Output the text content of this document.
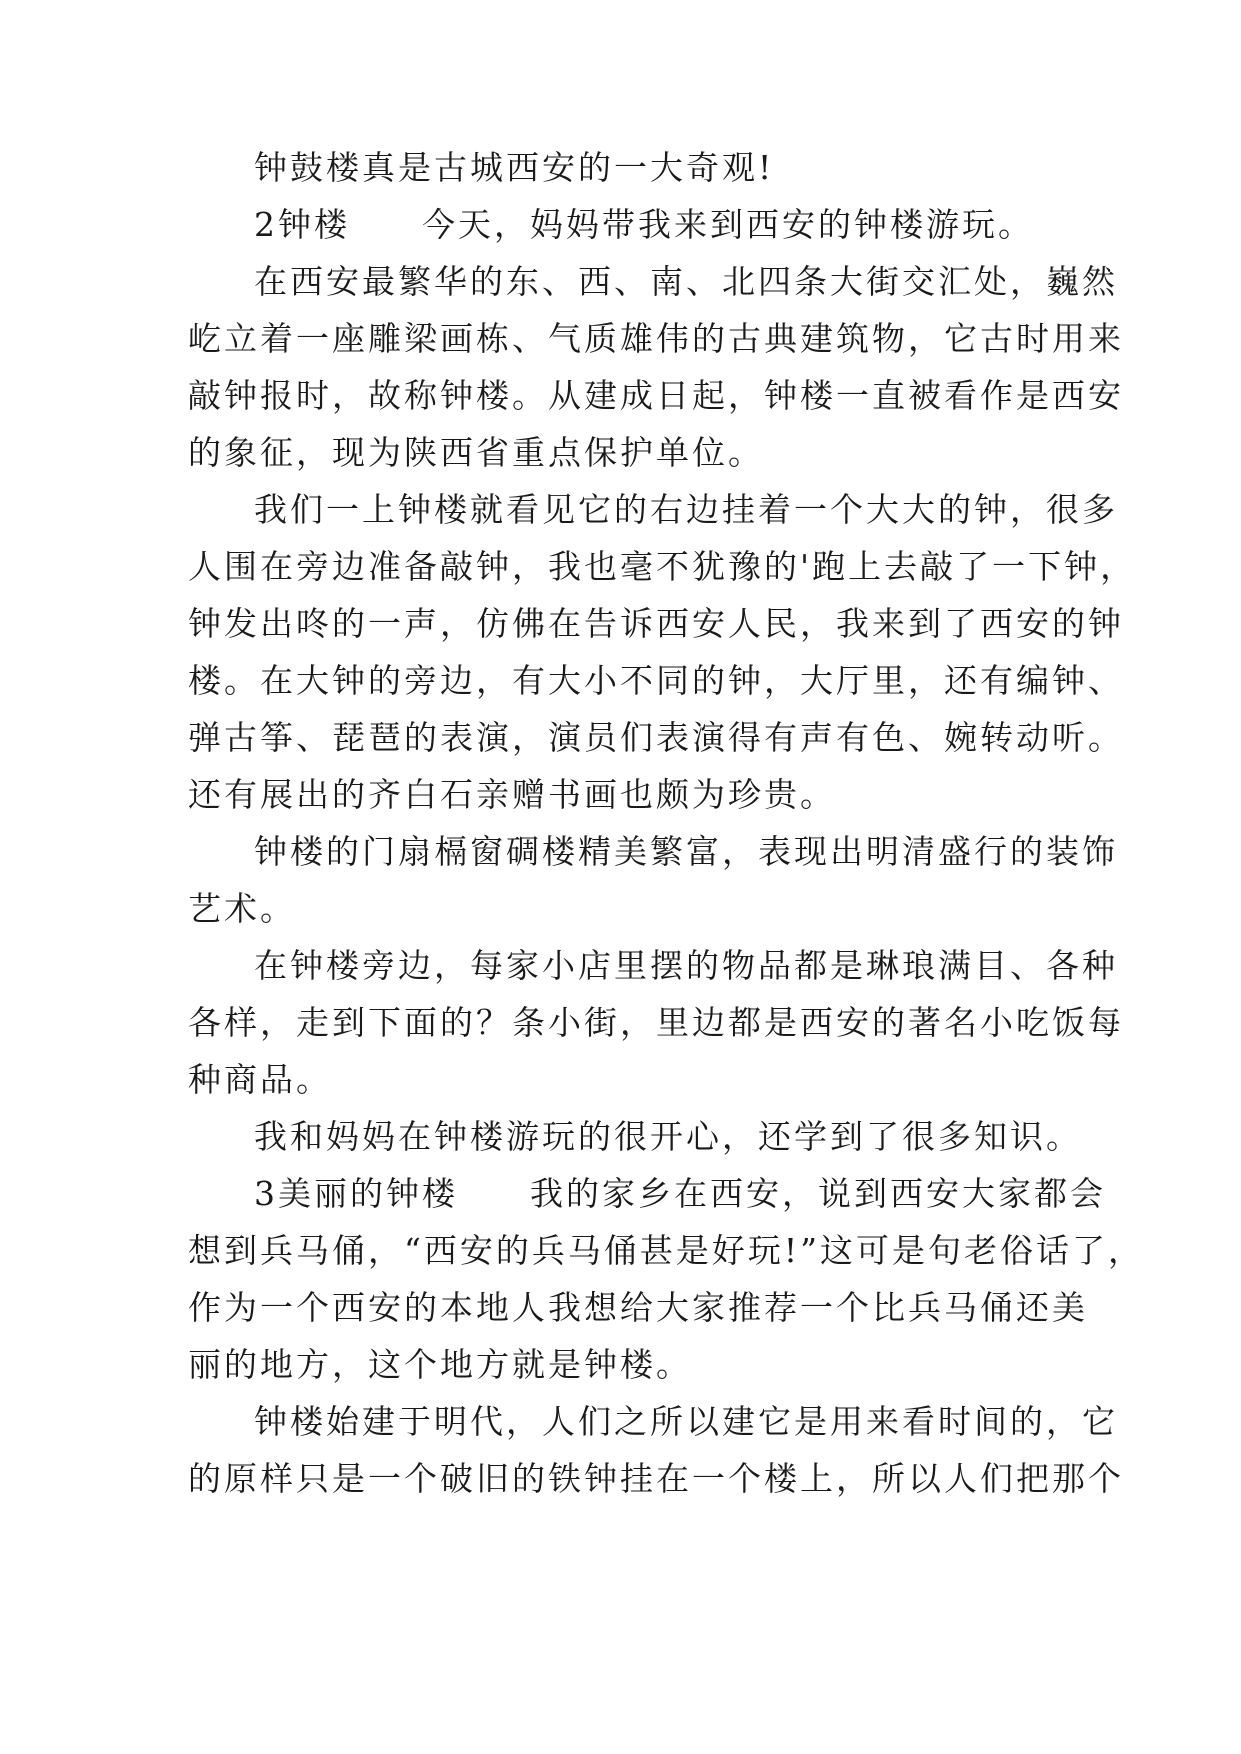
钟鼓楼真是古城西安的一大奇观!
2钟楼　　今天，妈妈带我来到西安的钟楼游玩。
在西安最繁华的东、西、南、北四条大街交汇处，巍然
屹立着一座雕梁画栋、气质雄伟的古典建筑物，它古时用来
敲钟报时，故称钟楼。从建成日起，钟楼一直被看作是西安
的象征，现为陕西省重点保护单位。
我们一上钟楼就看见它的右边挂着一个大大的钟，很多
人围在旁边准备敲钟，我也毫不犹豫的'跑上去敲了一下钟，
钟发出咚的一声，仿佛在告诉西安人民，我来到了西安的钟
楼。在大钟的旁边，有大小不同的钟，大厅里，还有编钟、
弹古筝、琵琶的表演，演员们表演得有声有色、婉转动听。
还有展出的齐白石亲赠书画也颇为珍贵。
钟楼的门扇槅窗碉楼精美繁富，表现出明清盛行的装饰
艺术。
在钟楼旁边，每家小店里摆的物品都是琳琅满目、各种
各样，走到下面的？条小街，里边都是西安的著名小吃饭每
种商品。
我和妈妈在钟楼游玩的很开心，还学到了很多知识。
3美丽的钟楼　　我的家乡在西安，说到西安大家都会
想到兵马俑，“西安的兵马俑甚是好玩!”这可是句老俗话了，
作为一个西安的本地人我想给大家推荐一个比兵马俑还美
丽的地方，这个地方就是钟楼。
钟楼始建于明代，人们之所以建它是用来看时间的，它
的原样只是一个破旧的铁钟挂在一个楼上，所以人们把那个
